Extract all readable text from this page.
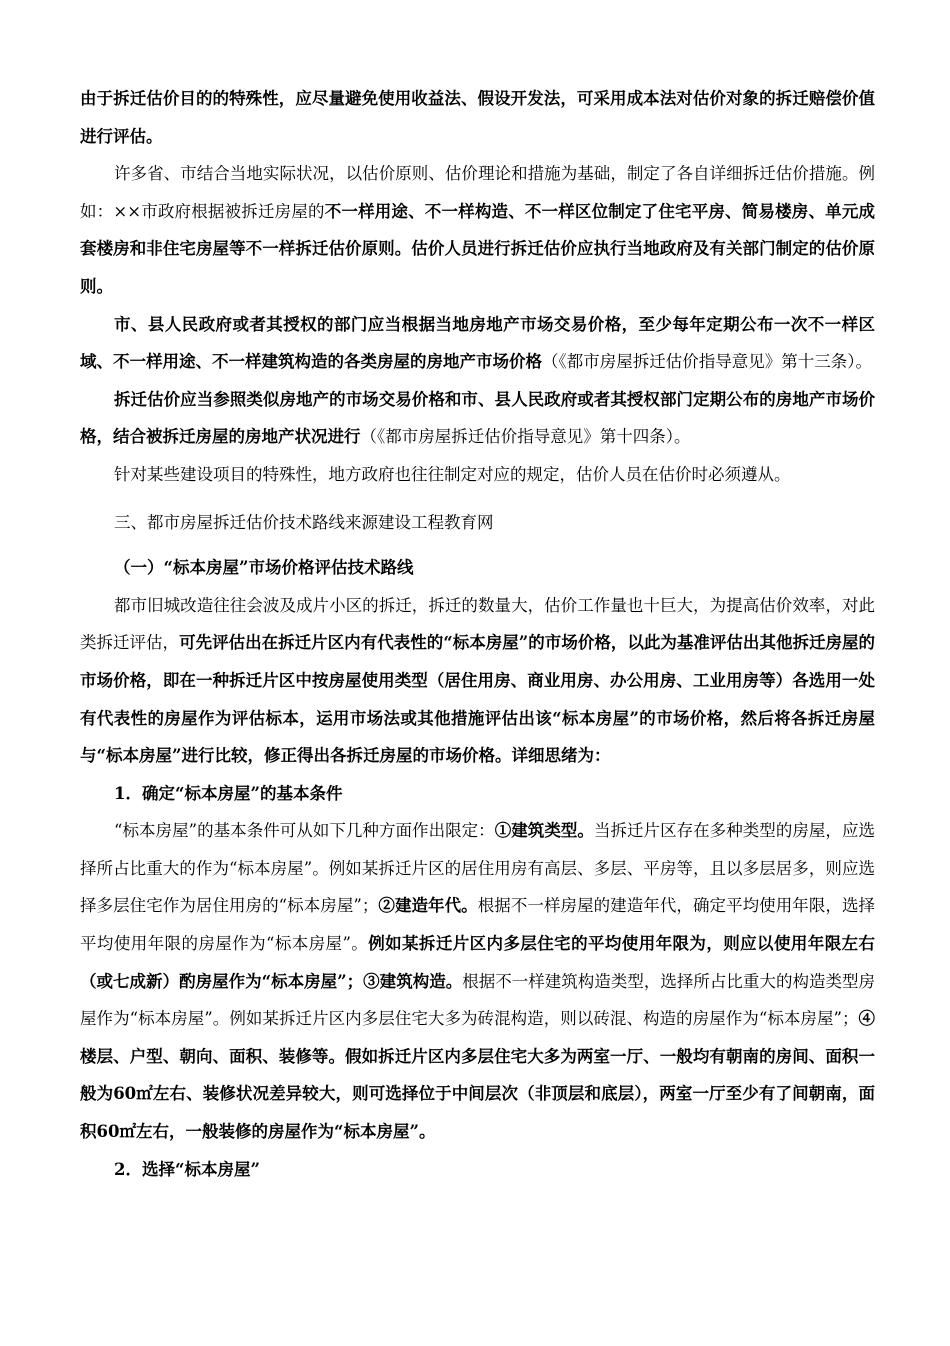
由于拆迁估价目的的特殊性，应尽量避免使用收益法、假设开发法，可采用成本法对估价对象的拆迁赔偿价值进行评估。

许多省、市结合当地实际状况，以估价原则、估价理论和措施为基础，制定了各自详细拆迁估价措施。例如：××市政府根据被拆迁房屋的不一样用途、不一样构造、不一样区位制定了住宅平房、简易楼房、单元成套楼房和非住宅房屋等不一样拆迁估价原则。估价人员进行拆迁估价应执行当地政府及有关部门制定的估价原则。

市、县人民政府或者其授权的部门应当根据当地房地产市场交易价格，至少每年定期公布一次不一样区域、不一样用途、不一样建筑构造的各类房屋的房地产市场价格（《都市房屋拆迁估价指导意见》第十三条）。

拆迁估价应当参照类似房地产的市场交易价格和市、县人民政府或者其授权部门定期公布的房地产市场价格，结合被拆迁房屋的房地产状况进行（《都市房屋拆迁估价指导意见》第十四条）。

针对某些建设项目的特殊性，地方政府也往往制定对应的规定，估价人员在估价时必须遵从。

三、都市房屋拆迁估价技术路线来源建设工程教育网

（一）“标本房屋”市场价格评估技术路线

都市旧城改造往往会波及成片小区的拆迁，拆迁的数量大，估价工作量也十巨大，为提高估价效率，对此类拆迁评估，可先评估出在拆迁片区内有代表性的“标本房屋”的市场价格，以此为基准评估出其他拆迁房屋的市场价格，即在一种拆迁片区中按房屋使用类型（居住用房、商业用房、办公用房、工业用房等）各选用一处有代表性的房屋作为评估标本，运用市场法或其他措施评估出该“标本房屋”的市场价格，然后将各拆迁房屋与“标本房屋”进行比较，修正得出各拆迁房屋的市场价格。详细思绪为：

1．确定“标本房屋”的基本条件

“标本房屋”的基本条件可从如下几种方面作出限定：①建筑类型。当拆迁片区存在多种类型的房屋，应选择所占比重大的作为“标本房屋”。例如某拆迁片区的居住用房有高层、多层、平房等，且以多层居多，则应选择多层住宅作为居住用房的“标本房屋”；②建造年代。根据不一样房屋的建造年代，确定平均使用年限，选择平均使用年限的房屋作为“标本房屋”。例如某拆迁片区内多层住宅的平均使用年限为，则应以使用年限左右（或七成新）酌房屋作为“标本房屋”；③建筑构造。根据不一样建筑构造类型，选择所占比重大的构造类型房屋作为“标本房屋”。例如某拆迁片区内多层住宅大多为砖混构造，则以砖混、构造的房屋作为“标本房屋”；④楼层、户型、朝向、面积、装修等。假如拆迁片区内多层住宅大多为两室一厅、一般均有朝南的房间、面积一般为60㎡左右、装修状况差异较大，则可选择位于中间层次（非顶层和底层），两室一厅至少有了间朝南，面积60㎡左右，一般装修的房屋作为“标本房屋”。

2．选择“标本房屋”
